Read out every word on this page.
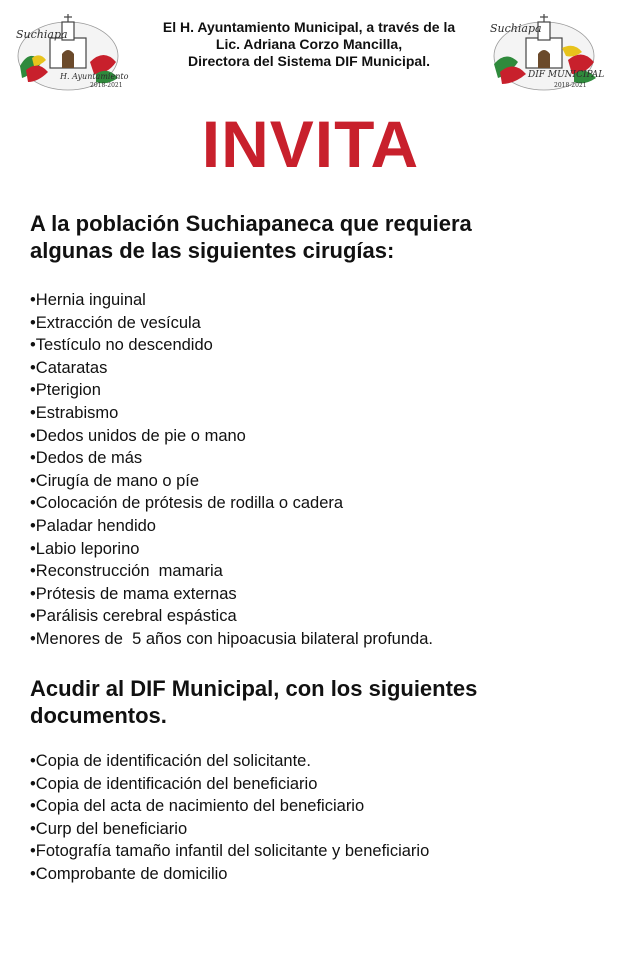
Suchiapa
H. Ayuntamiento
2018-2021
El H. Ayuntamiento Municipal, a través de la
Lic. Adriana Corzo Mancilla,
Directora del Sistema DIF Municipal.
Suchiapa
DIF MUNICIPAL
2018-2021
INVITA
A la población Suchiapaneca que requiera
algunas de las siguientes cirugías:
• Hernia inguinal
• Extracción de vesícula
• Testículo no descendido
• Cataratas
• Pterigion
• Estrabismo
• Dedos unidos de pie o mano
• Dedos de más
• Cirugía de mano o píe
• Colocación de prótesis de rodilla o cadera
• Paladar hendido
• Labio leporino
• Reconstrucción  mamaria
• Prótesis de mama externas
• Parálisis cerebral espástica
• Menores de  5 años con hipoacusia bilateral profunda.
Acudir al DIF Municipal, con los siguientes
documentos.
• Copia de identificación del solicitante.
• Copia de identificación del beneficiario
• Copia del acta de nacimiento del beneficiario
• Curp del beneficiario
• Fotografía tamaño infantil del solicitante y beneficiario
• Comprobante de domicilio
